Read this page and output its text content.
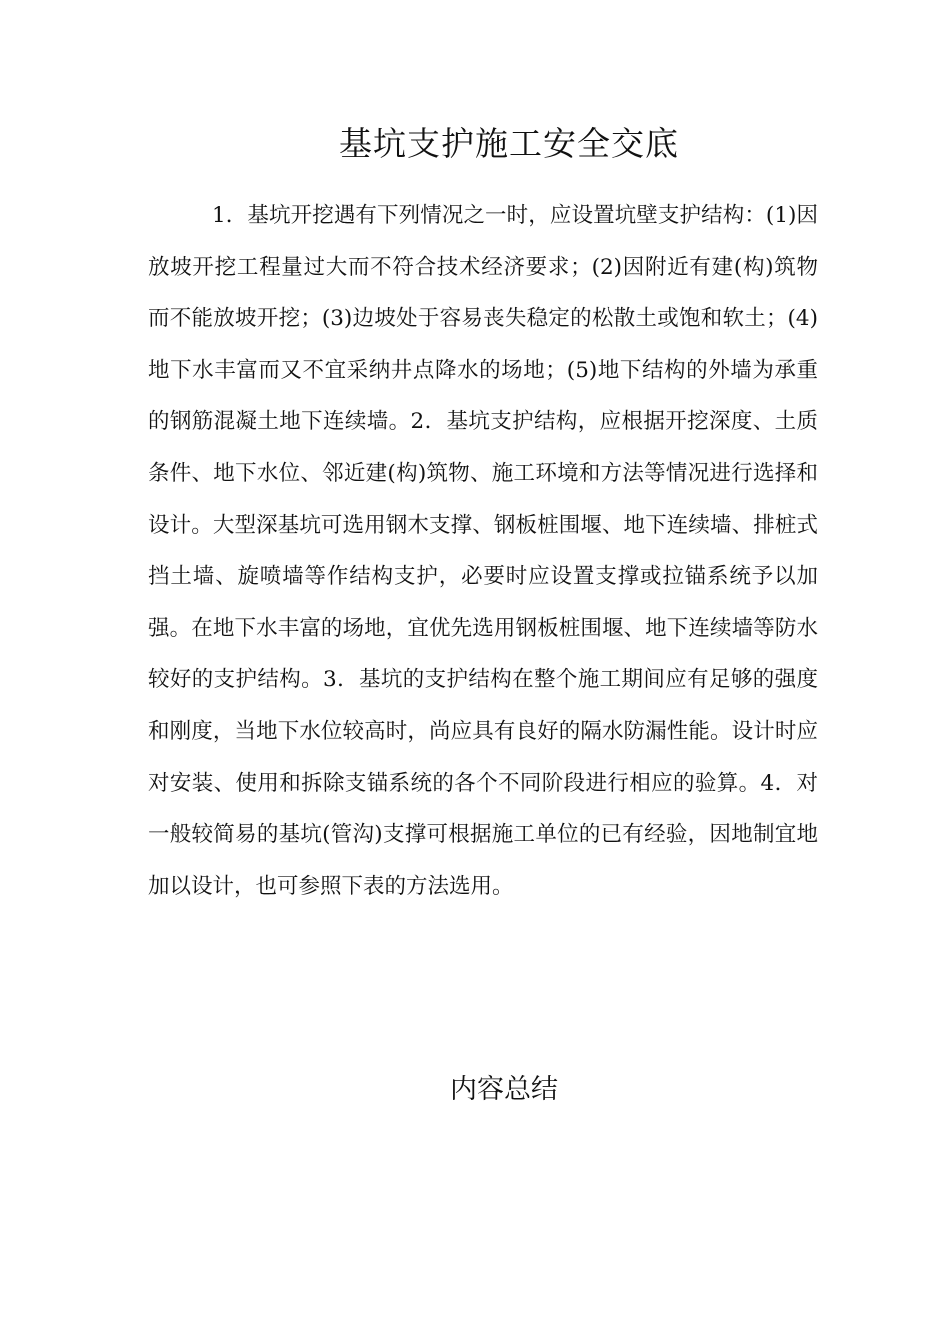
基坑支护施工安全交底

1．基坑开挖遇有下列情况之一时，应设置坑壁支护结构：(1)因放坡开挖工程量过大而不符合技术经济要求；(2)因附近有建(构)筑物而不能放坡开挖；(3)边坡处于容易丧失稳定的松散土或饱和软土；(4)地下水丰富而又不宜采纳井点降水的场地；(5)地下结构的外墙为承重的钢筋混凝土地下连续墙。2．基坑支护结构，应根据开挖深度、土质条件、地下水位、邻近建(构)筑物、施工环境和方法等情况进行选择和设计。大型深基坑可选用钢木支撑、钢板桩围堰、地下连续墙、排桩式挡土墙、旋喷墙等作结构支护，必要时应设置支撑或拉锚系统予以加强。在地下水丰富的场地，宜优先选用钢板桩围堰、地下连续墙等防水较好的支护结构。3．基坑的支护结构在整个施工期间应有足够的强度和刚度，当地下水位较高时，尚应具有良好的隔水防漏性能。设计时应对安装、使用和拆除支锚系统的各个不同阶段进行相应的验算。4．对一般较简易的基坑(管沟)支撑可根据施工单位的已有经验，因地制宜地加以设计，也可参照下表的方法选用。

内容总结
